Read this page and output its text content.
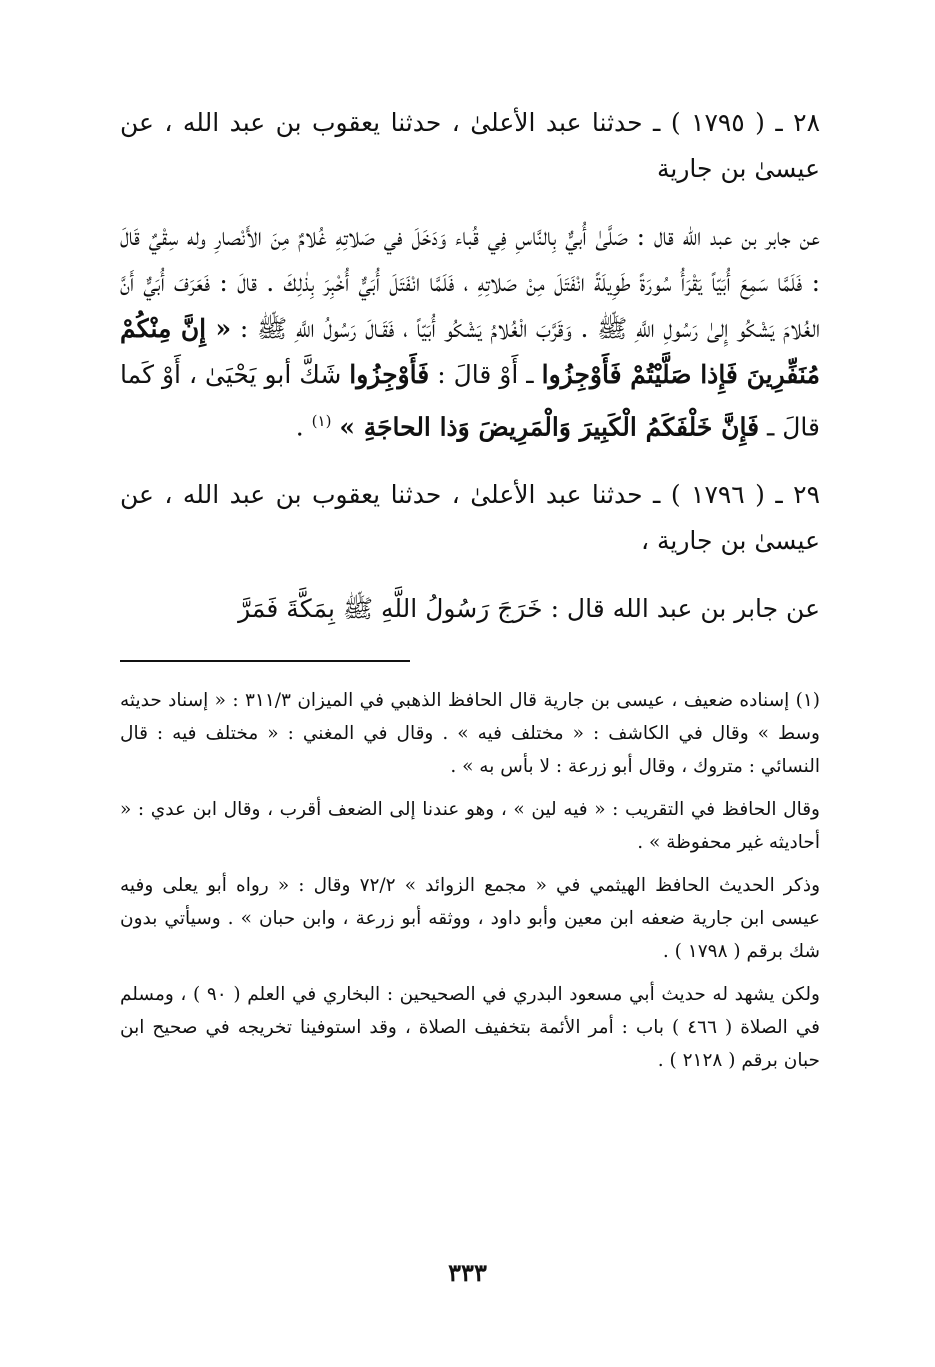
٢٨ ـ ( ١٧٩٥ ) ـ حدثنا عبد الأعلىٰ ، حدثنا يعقوب بن عبد الله ، عن عيسىٰ بن جارية

عن جابر بن عبد الله قال : صَلَّىٰ أُبيٌّ بِالنَّاسِ فِي قُباء وَدَخَلَ في صَلاتِهِ غُلامٌ مِنَ الأَنْصارِ وله سِقْيٌ قَالَ : فَلَمَّا سَمِعَ أُبَيّاً يَقْرَأُ سُورَةً طَوِيلَةً انْفَتَلَ مِنْ صَلاتِهِ ، فَلَمَّا انْفَتَلَ أُبَيٌّ أُخْبِرَ بِذٰلِكَ . قالَ : فَعَرَفَ أُبَيٌّ أَنَّ الغُلامَ يَشْكُو إِلىٰ رَسُولِ اللَّهِ ﷺ . وَقَرَّبَ الْغُلامُ يَشْكُو أُبَيّاً ، فَقَـالَ رَسُولُ اللَّهِ ﷺ : « إِنَّ مِنْكُمْ مُنَفِّرِينَ فَإِذا صَلَّيْتُمْ فَأَوْجِزُوا ـ أَوْ قالَ : فَأَوْجِزُوا شَكَّ أبو يَحْيَىٰ ، أَوْ كَما قالَ ـ فَإِنَّ خَلْفَكَمُ الْكَبِيرَ وَالْمَرِيضَ وَذا الحاجَةِ » $^{(١)}$ .

٢٩ ـ ( ١٧٩٦ ) ـ حدثنا عبد الأعلىٰ ، حدثنا يعقوب بن عبد الله ، عن عيسىٰ بن جارية ،

عن جابر بن عبد الله قال : خَرَجَ رَسُولُ اللَّهِ ﷺ بِمَكَّةَ فَمَرَّ

(١) إسناده ضعيف ، عيسى بن جارية قال الحافظ الذهبي في الميزان ٣١١/٣ : « إسناد حديثه وسط » وقال في الكاشف : « مختلف فيه » . وقال في المغني : « مختلف فيه : قال النسائي : متروك ، وقال أبو زرعة : لا بأس به » .

وقال الحافظ في التقريب : « فيه لين » ، وهو عندنا إلى الضعف أقرب ، وقال ابن عدي : « أحاديثه غير محفوظة » .

وذكر الحديث الحافظ الهيثمي في « مجمع الزوائد » ٧٢/٢ وقال : « رواه أبو يعلى وفيه عيسى ابن جارية ضعفه ابن معين وأبو داود ، ووثقه أبو زرعة ، وابن حبان » . وسيأتي بدون شك برقم ( ١٧٩٨ ) .

ولكن يشهد له حديث أبي مسعود البدري في الصحيحين : البخاري في العلم ( ٩٠ ) ، ومسلم في الصلاة ( ٤٦٦ ) باب : أمر الأئمة بتخفيف الصلاة ، وقد استوفينا تخريجه في صحيح ابن حبان برقم ( ٢١٢٨ ) .

٣٣٣
